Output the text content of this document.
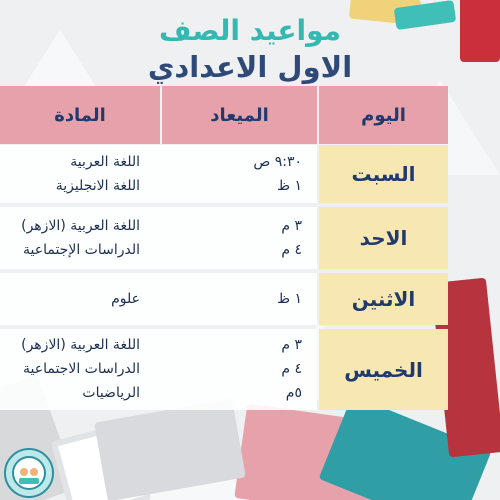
مواعيد الصف
الاول الاعدادي
اليوم
الميعاد
المادة
السبت
٩:٣٠ ص
١ ظ
اللغة العربية
اللغة الانجليزية
الاحد
٣ م
٤ م
اللغة العربية (الازهر)
الدراسات الإجتماعية
الاثنين
١ ظ
علوم
الخميس
٣ م
٤ م
٥م
اللغة العربية (الازهر)
الدراسات الاجتماعية
الرياضيات
